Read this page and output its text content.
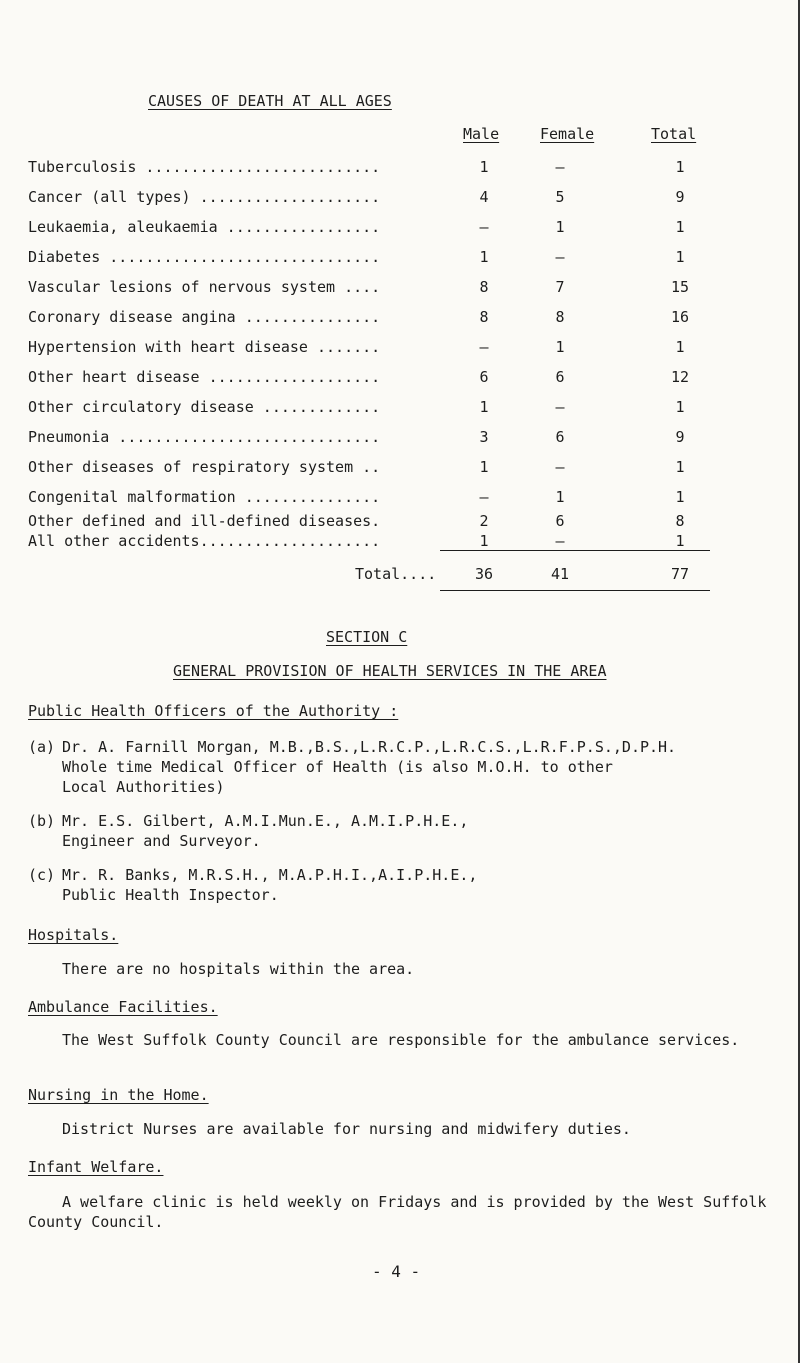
CAUSES OF DEATH AT ALL AGES
Male	Female	Total
Tuberculosis ..........................	1	–	1
Cancer (all types) ....................	4	5	9
Leukaemia, aleukaemia .................	–	1	1
Diabetes ..............................	1	–	1
Vascular lesions of nervous system ....	8	7	15
Coronary disease angina ...............	8	8	16
Hypertension with heart disease .......	–	1	1
Other heart disease ...................	6	6	12
Other circulatory disease .............	1	–	1
Pneumonia .............................	3	6	9
Other diseases of respiratory system ..	1	–	1
Congenital malformation ...............	–	1	1
Other defined and ill-defined diseases.	2	6	8
All other accidents....................	1	–	1
Total....	36	41	77
SECTION C
GENERAL PROVISION OF HEALTH SERVICES IN THE AREA
Public Health Officers of the Authority :
(a) Dr. A. Farnill Morgan, M.B.,B.S.,L.R.C.P.,L.R.C.S.,L.R.F.P.S.,D.P.H.
Whole time Medical Officer of Health (is also M.O.H. to other
Local Authorities)
(b) Mr. E.S. Gilbert, A.M.I.Mun.E., A.M.I.P.H.E.,
Engineer and Surveyor.
(c) Mr. R. Banks, M.R.S.H., M.A.P.H.I.,A.I.P.H.E.,
Public Health Inspector.
Hospitals.
There are no hospitals within the area.
Ambulance Facilities.
The West Suffolk County Council are responsible for the ambulance services.
Nursing in the Home.
District Nurses are available for nursing and midwifery duties.
Infant Welfare.
A welfare clinic is held weekly on Fridays and is provided by the West Suffolk County Council.
- 4 -
